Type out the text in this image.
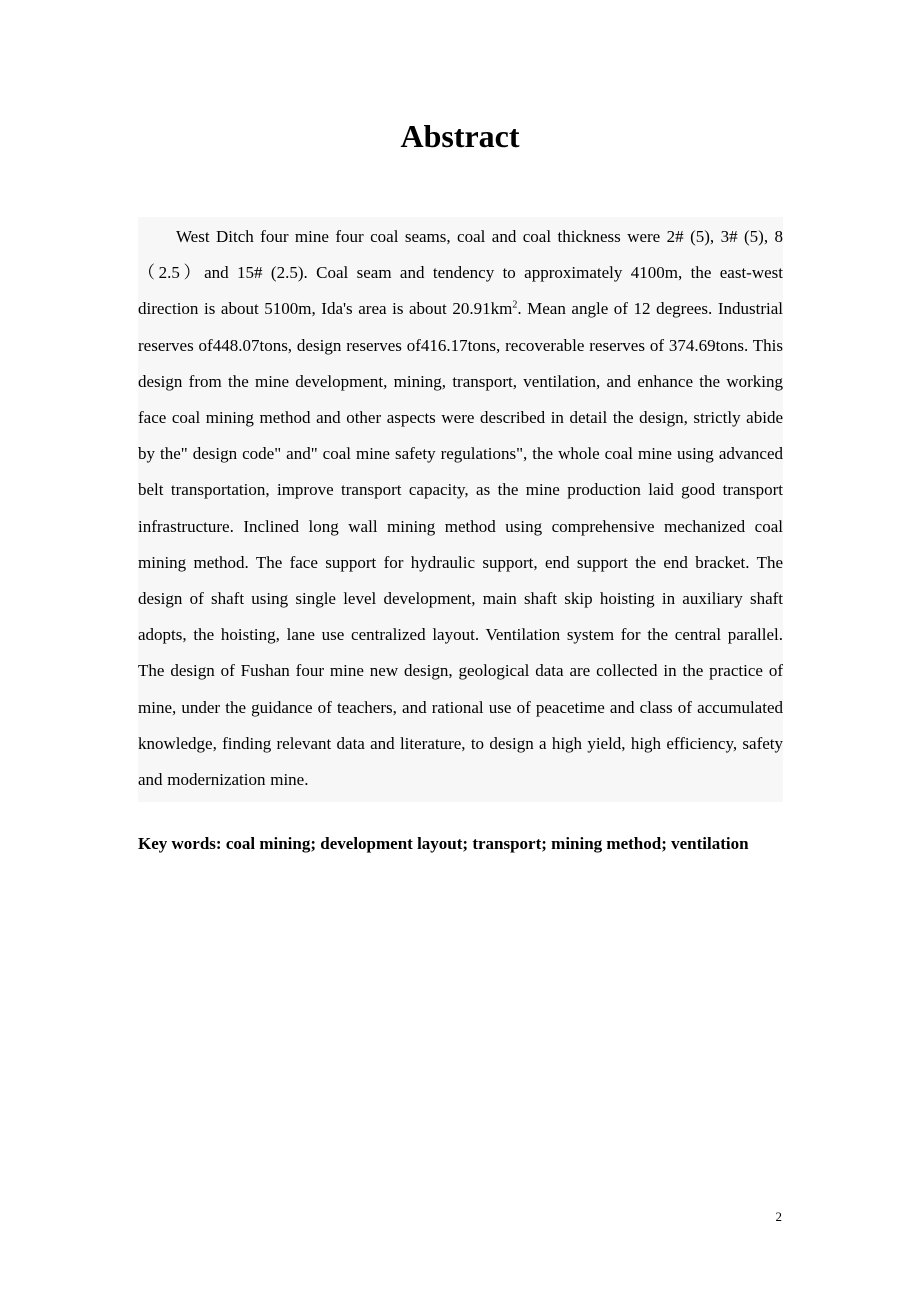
Abstract

West Ditch four mine four coal seams, coal and coal thickness were 2# (5), 3# (5), 8（2.5）and 15# (2.5). Coal seam and tendency to approximately 4100m, the east-west direction is about 5100m, Ida's area is about $20.91km^2$. Mean angle of 12 degrees. Industrial reserves of448.07tons, design reserves of416.17tons, recoverable reserves of 374.69tons. This design from the mine development, mining, transport, ventilation, and enhance the working face coal mining method and other aspects were described in detail the design, strictly abide by the" design code" and" coal mine safety regulations", the whole coal mine using advanced belt transportation, improve transport capacity, as the mine production laid good transport infrastructure. Inclined long wall mining method using comprehensive mechanized coal mining method. The face support for hydraulic support, end support the end bracket. The design of shaft using single level development, main shaft skip hoisting in auxiliary shaft adopts, the hoisting, lane use centralized layout. Ventilation system for the central parallel. The design of Fushan four mine new design, geological data are collected in the practice of mine, under the guidance of teachers, and rational use of peacetime and class of accumulated knowledge, finding relevant data and literature, to design a high yield, high efficiency, safety and modernization mine.

Key words: coal mining; development layout; transport; mining method; ventilation

2
